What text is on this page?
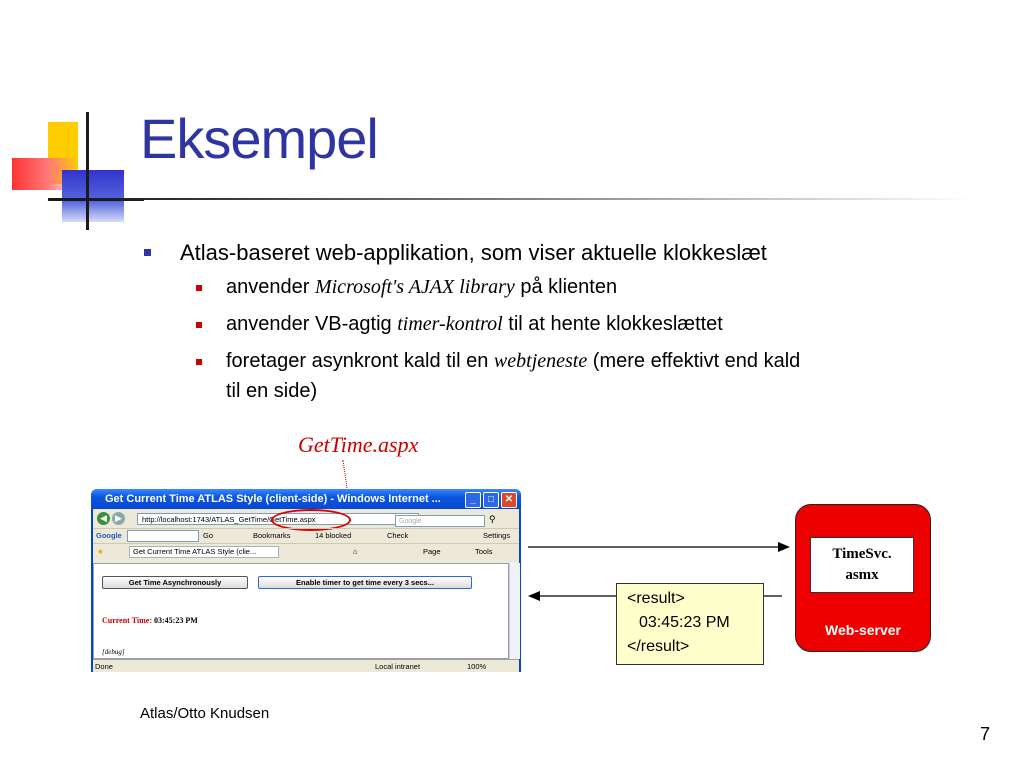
Eksempel
Atlas-baseret web-applikation, som viser aktuelle klokkeslæt
anvender Microsoft's AJAX library på klienten
anvender VB-agtig timer-kontrol til at hente klokkeslættet
foretager asynkront kald til en webtjeneste (mere effektivt end kald
til en side)
GetTime.aspx
Get Current Time ATLAS Style (client-side) - Windows Internet ...	_	□	✕
◀ ▶	http://localhost:1743/ATLAS_GetTime/GetTime.aspx	Google	⚲
Google	Go	Bookmarks	14 blocked	Check	Settings
★	Get Current Time ATLAS Style (clie...	⌂	Page	Tools
Get Time Asynchronously	Enable timer to get time every 3 secs...
Current Time: 03:45:23 PM
[debug]
Done	Local intranet	100%
TimeSvc.
asmx
Web-server
<result>
03:45:23 PM
</result>
Atlas/Otto Knudsen
7
